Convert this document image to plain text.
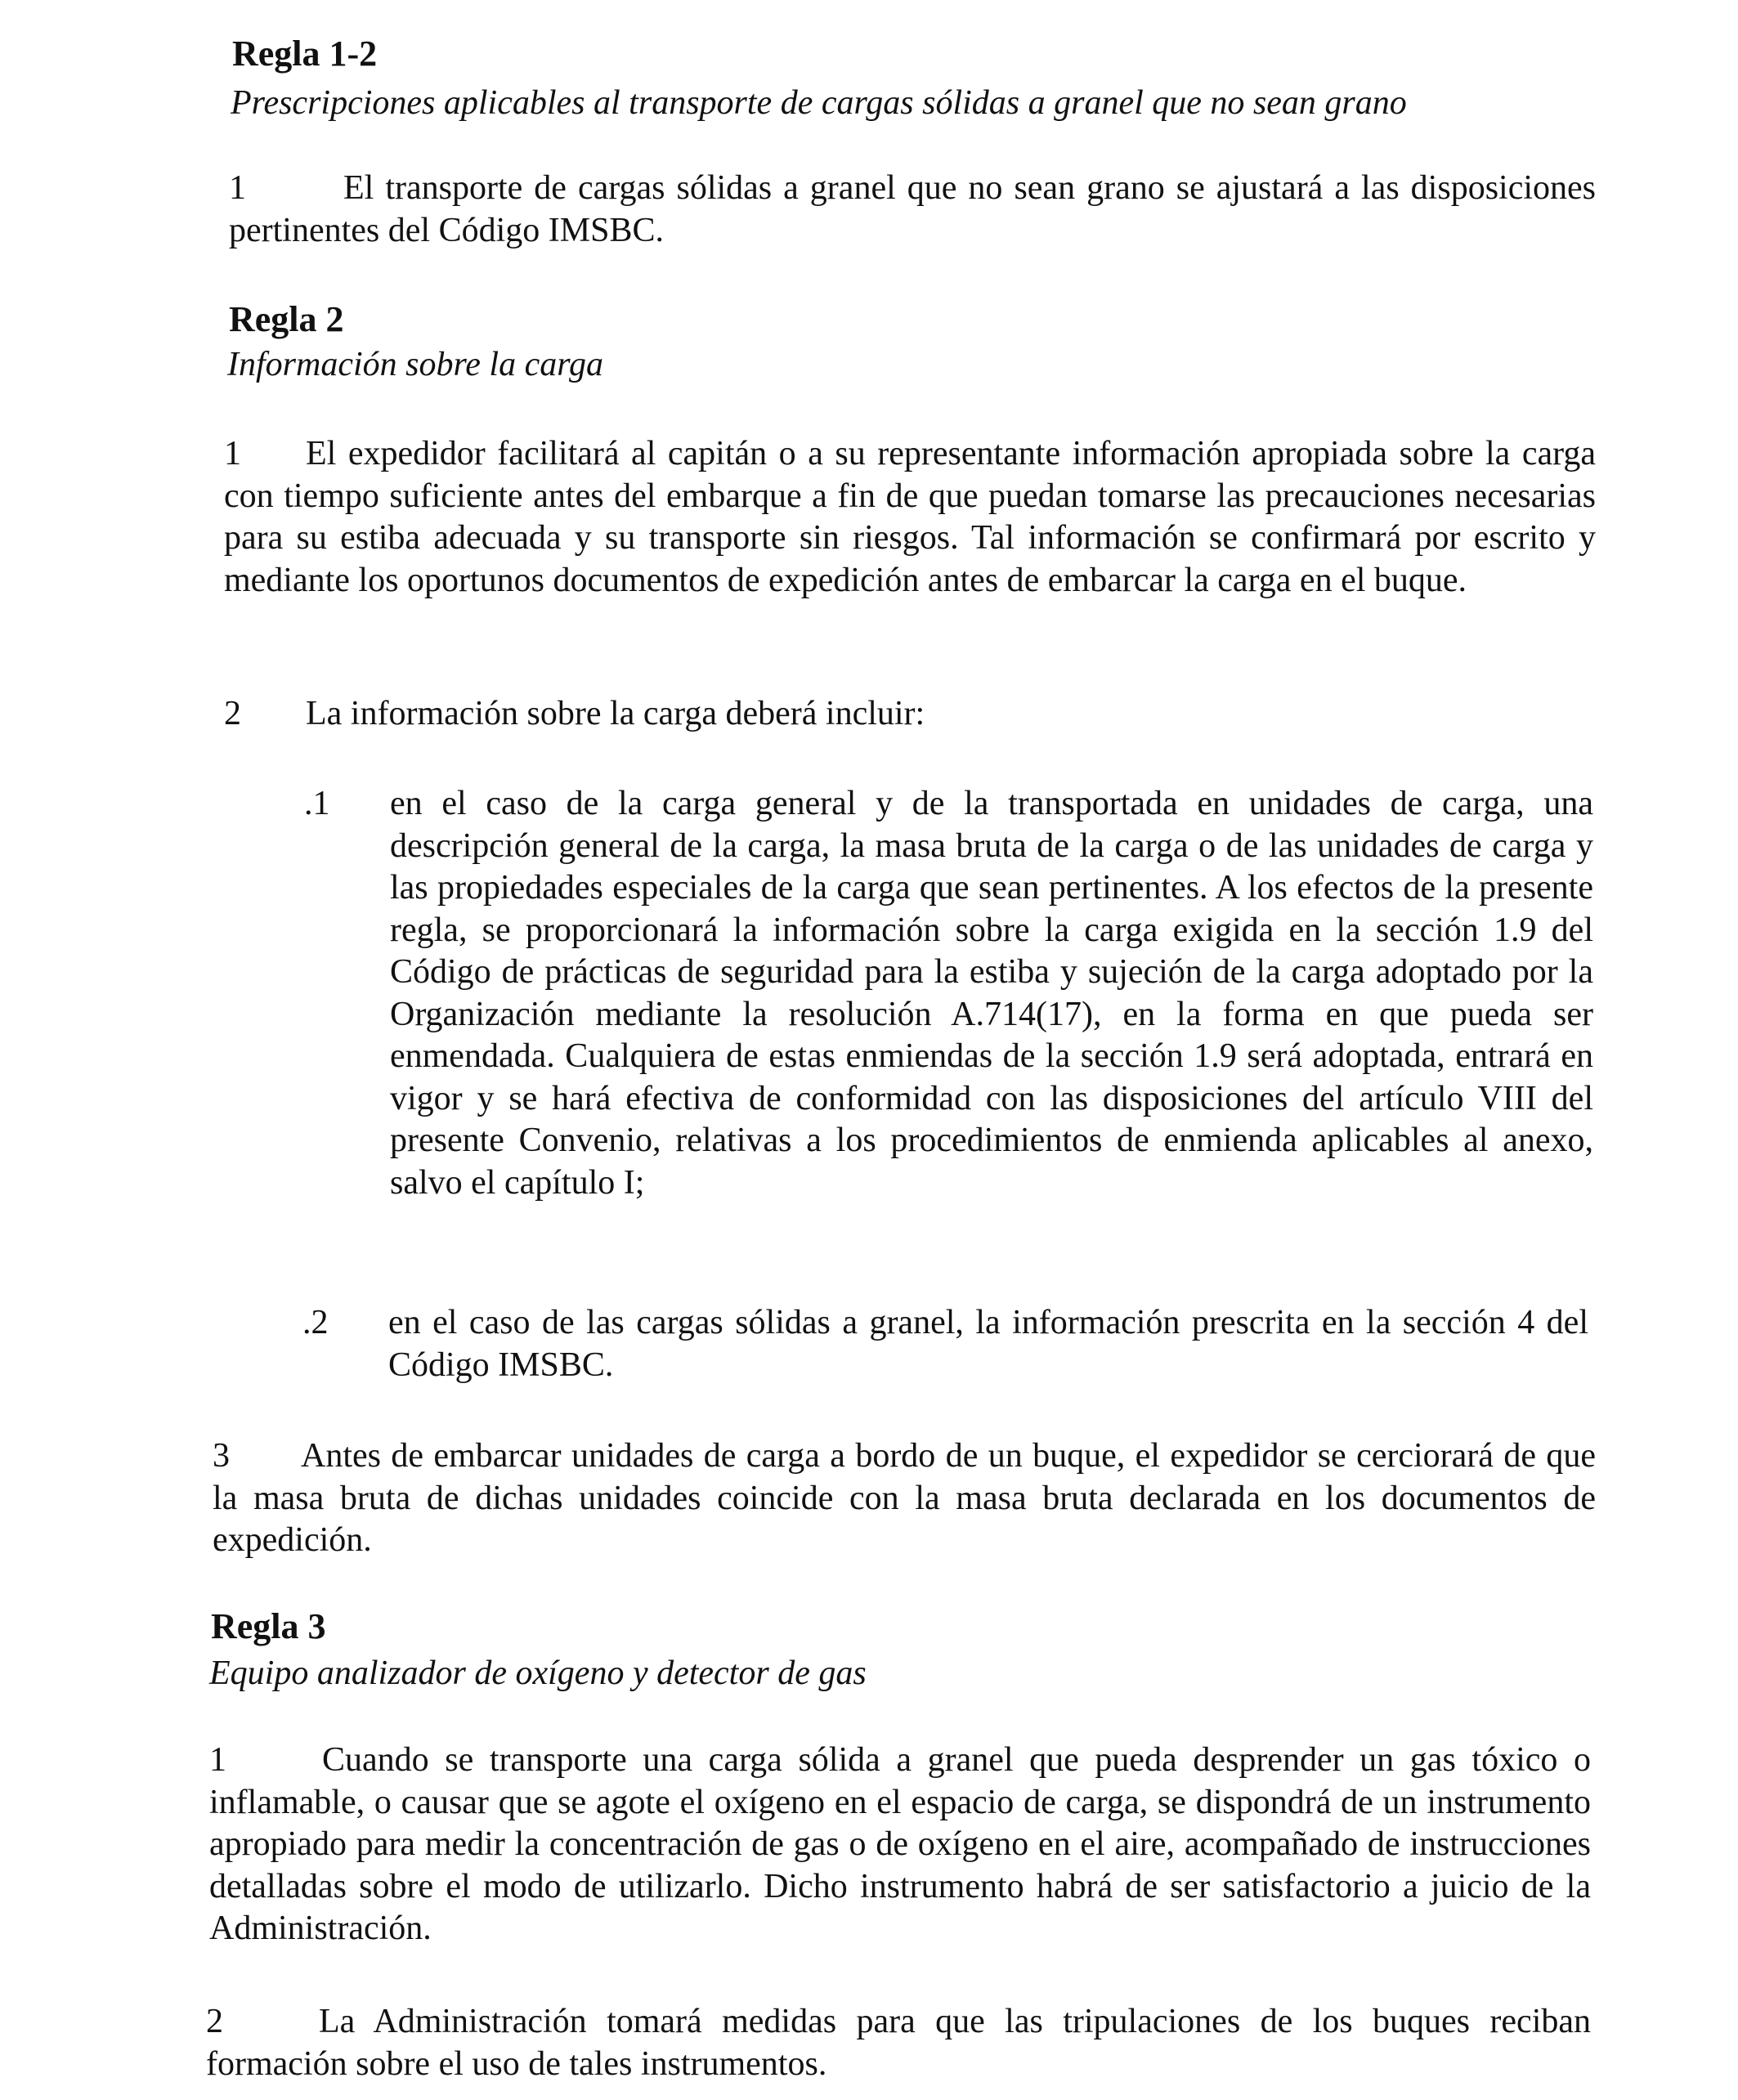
Regla 1-2
Prescripciones aplicables al transporte de cargas sólidas a granel que no sean grano
1	El transporte de cargas sólidas a granel que no sean grano se ajustará a las disposiciones pertinentes del Código IMSBC.
Regla 2
Información sobre la carga
1 El expedidor facilitará al capitán o a su representante información apropiada sobre la carga con tiempo suficiente antes del embarque a fin de que puedan tomarse las precauciones necesarias para su estiba adecuada y su transporte sin riesgos. Tal información se confirmará por escrito y mediante los oportunos documentos de expedición antes de embarcar la carga en el buque.
2 La información sobre la carga deberá incluir:
.1 en el caso de la carga general y de la transportada en unidades de carga, una descripción general de la carga, la masa bruta de la carga o de las unidades de carga y las propiedades especiales de la carga que sean pertinentes. A los efectos de la presente regla, se proporcionará la información sobre la carga exigida en la sección 1.9 del Código de prácticas de seguridad para la estiba y sujeción de la carga adoptado por la Organización mediante la resolución A.714(17), en la forma en que pueda ser enmendada. Cualquiera de estas enmiendas de la sección 1.9 será adoptada, entrará en vigor y se hará efectiva de conformidad con las disposiciones del artículo VIII del presente Convenio, relativas a los procedimientos de enmienda aplicables al anexo, salvo el capítulo I;
.2 en el caso de las cargas sólidas a granel, la información prescrita en la sección 4 del Código IMSBC.
3 Antes de embarcar unidades de carga a bordo de un buque, el expedidor se cerciorará de que la masa bruta de dichas unidades coincide con la masa bruta declarada en los documentos de expedición.
Regla 3
Equipo analizador de oxígeno y detector de gas
1	Cuando se transporte una carga sólida a granel que pueda desprender un gas tóxico o inflamable, o causar que se agote el oxígeno en el espacio de carga, se dispondrá de un instrumento apropiado para medir la concentración de gas o de oxígeno en el aire, acompañado de instrucciones detalladas sobre el modo de utilizarlo. Dicho instrumento habrá de ser satisfactorio a juicio de la Administración.
2	La Administración tomará medidas para que las tripulaciones de los buques reciban formación sobre el uso de tales instrumentos.
